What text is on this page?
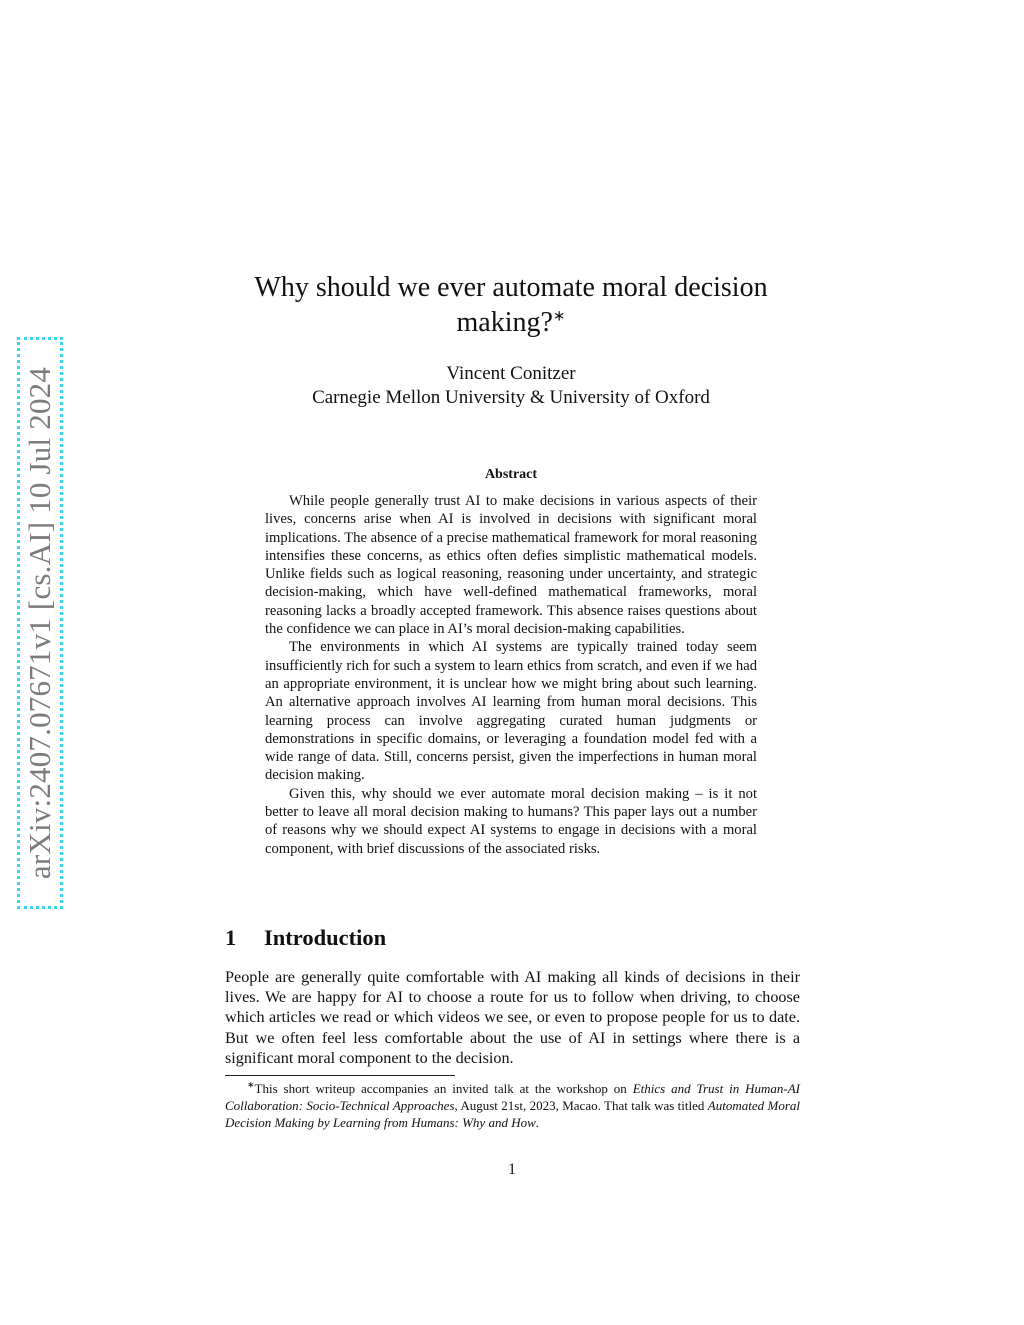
arXiv:2407.07671v1 [cs.AI] 10 Jul 2024
Why should we ever automate moral decision making?∗
Vincent Conitzer
Carnegie Mellon University & University of Oxford
Abstract

While people generally trust AI to make decisions in various aspects of their lives, concerns arise when AI is involved in decisions with significant moral implications. The absence of a precise mathematical framework for moral reasoning intensifies these concerns, as ethics often defies simplistic mathematical models. Unlike fields such as logical reasoning, reasoning under uncertainty, and strategic decision-making, which have well-defined mathematical frameworks, moral reasoning lacks a broadly accepted framework. This absence raises questions about the confidence we can place in AI’s moral decision-making capabilities.

The environments in which AI systems are typically trained today seem insufficiently rich for such a system to learn ethics from scratch, and even if we had an appropriate environment, it is unclear how we might bring about such learning. An alternative approach involves AI learning from human moral decisions. This learning process can involve aggregating curated human judgments or demonstrations in specific domains, or leveraging a foundation model fed with a wide range of data. Still, concerns persist, given the imperfections in human moral decision making.

Given this, why should we ever automate moral decision making – is it not better to leave all moral decision making to humans? This paper lays out a number of reasons why we should expect AI systems to engage in decisions with a moral component, with brief discussions of the associated risks.

1 Introduction

People are generally quite comfortable with AI making all kinds of decisions in their lives. We are happy for AI to choose a route for us to follow when driving, to choose which articles we read or which videos we see, or even to propose people for us to date. But we often feel less comfortable about the use of AI in settings where there is a significant moral component to the decision.

∗This short writeup accompanies an invited talk at the workshop on Ethics and Trust in Human-AI Collaboration: Socio-Technical Approaches, August 21st, 2023, Macao. That talk was titled Automated Moral Decision Making by Learning from Humans: Why and How.
1
